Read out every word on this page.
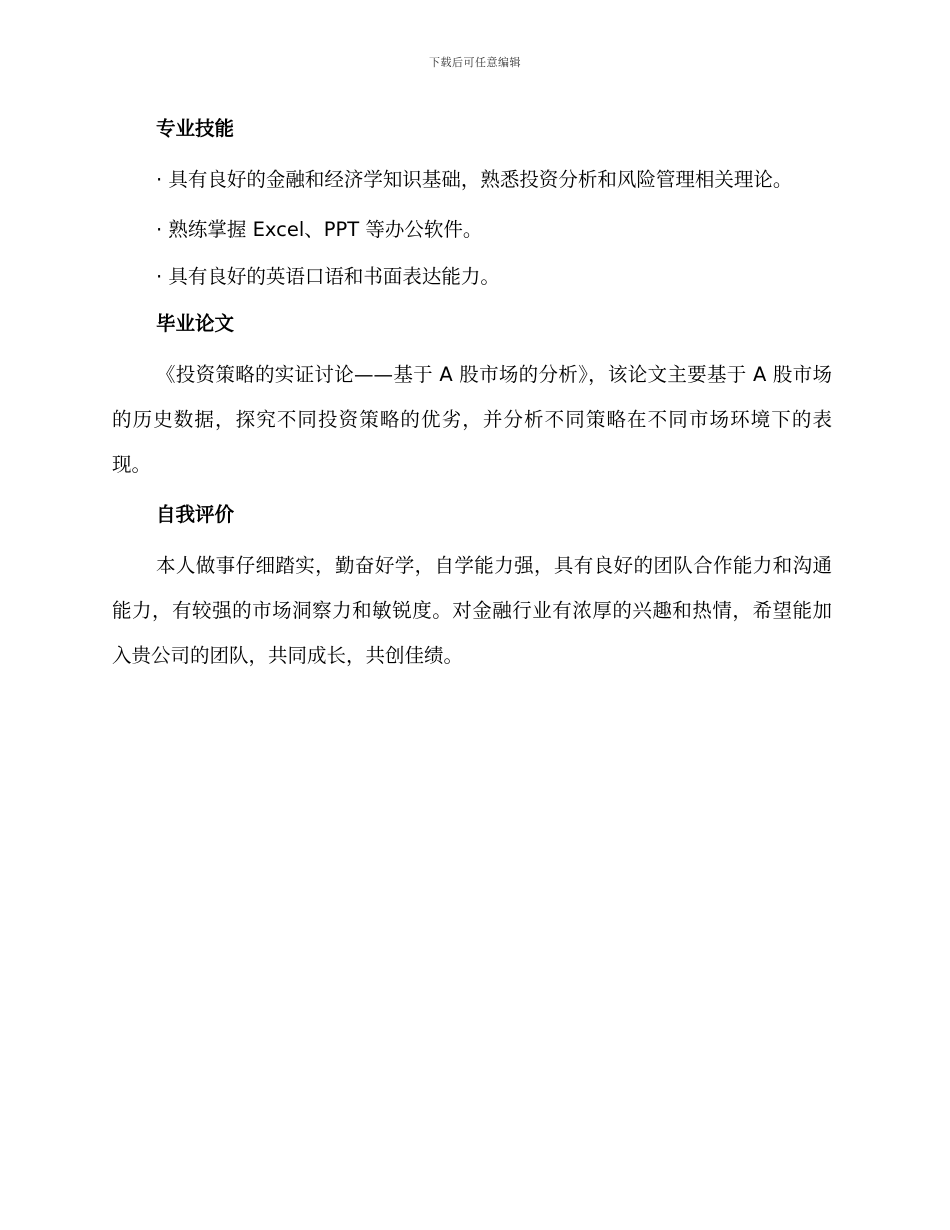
下载后可任意编辑
专业技能

· 具有良好的金融和经济学知识基础，熟悉投资分析和风险管理相关理论。

· 熟练掌握 Excel、PPT 等办公软件。

· 具有良好的英语口语和书面表达能力。

毕业论文

《投资策略的实证讨论——基于 A 股市场的分析》，该论文主要基于 A 股市场的历史数据，探究不同投资策略的优劣，并分析不同策略在不同市场环境下的表现。

自我评价

本人做事仔细踏实，勤奋好学，自学能力强，具有良好的团队合作能力和沟通能力，有较强的市场洞察力和敏锐度。对金融行业有浓厚的兴趣和热情，希望能加入贵公司的团队，共同成长，共创佳绩。
